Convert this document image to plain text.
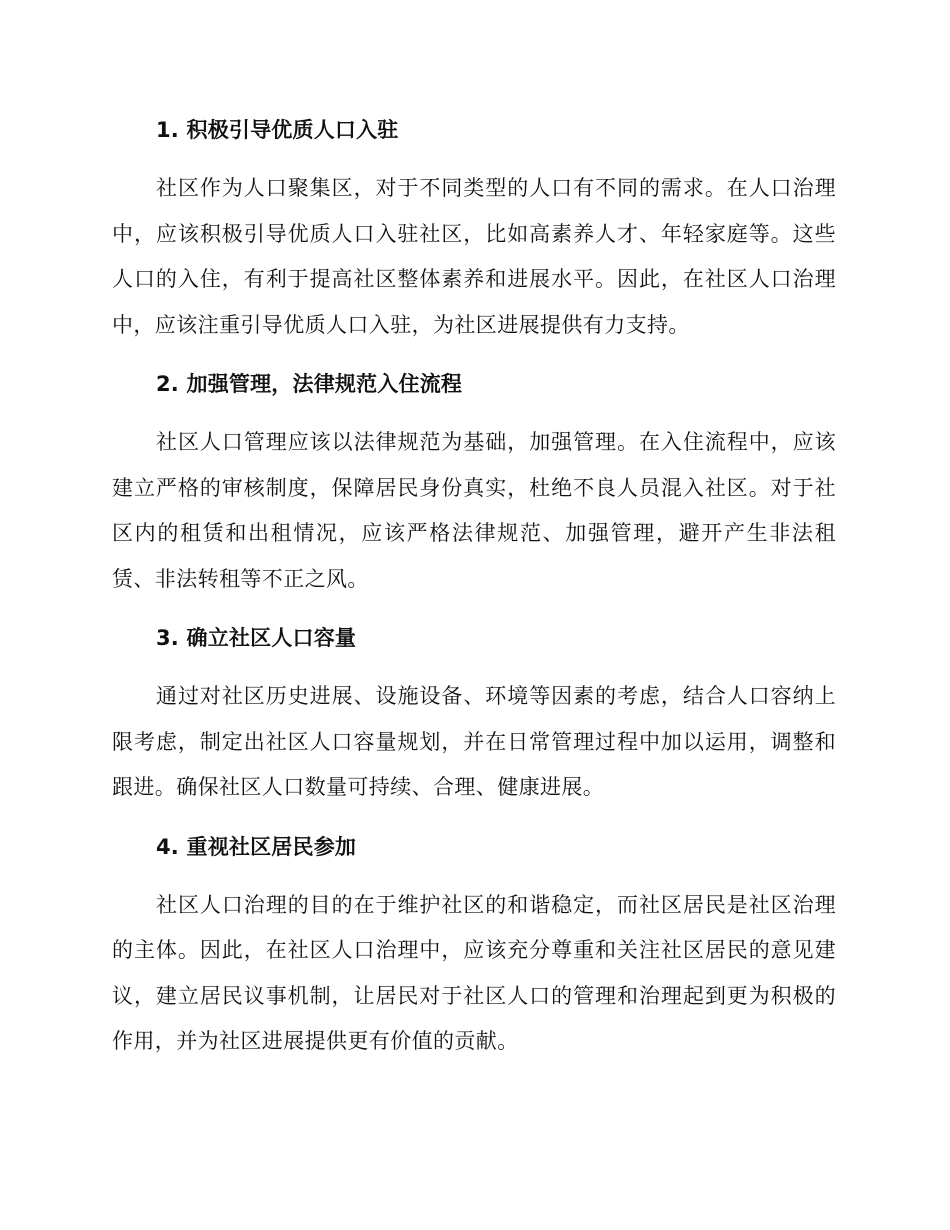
1. 积极引导优质人口入驻

社区作为人口聚集区，对于不同类型的人口有不同的需求。在人口治理中，应该积极引导优质人口入驻社区，比如高素养人才、年轻家庭等。这些人口的入住，有利于提高社区整体素养和进展水平。因此，在社区人口治理中，应该注重引导优质人口入驻，为社区进展提供有力支持。

2. 加强管理，法律规范入住流程

社区人口管理应该以法律规范为基础，加强管理。在入住流程中，应该建立严格的审核制度，保障居民身份真实，杜绝不良人员混入社区。对于社区内的租赁和出租情况，应该严格法律规范、加强管理，避开产生非法租赁、非法转租等不正之风。

3. 确立社区人口容量

通过对社区历史进展、设施设备、环境等因素的考虑，结合人口容纳上限考虑，制定出社区人口容量规划，并在日常管理过程中加以运用，调整和跟进。确保社区人口数量可持续、合理、健康进展。

4. 重视社区居民参加

社区人口治理的目的在于维护社区的和谐稳定，而社区居民是社区治理的主体。因此，在社区人口治理中，应该充分尊重和关注社区居民的意见建议，建立居民议事机制，让居民对于社区人口的管理和治理起到更为积极的作用，并为社区进展提供更有价值的贡献。
